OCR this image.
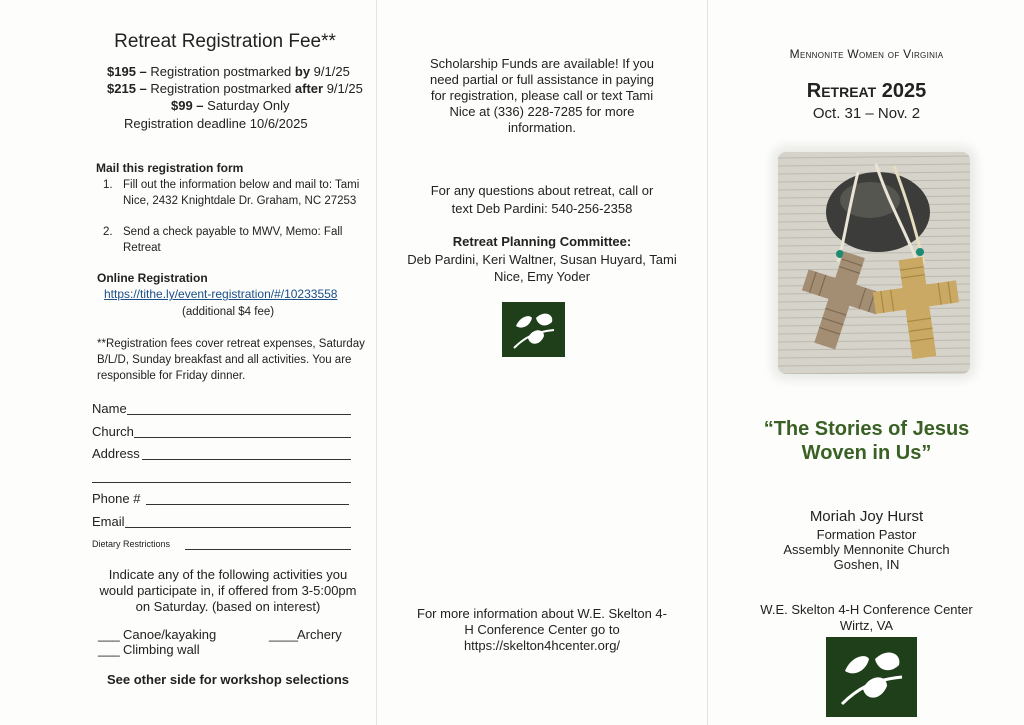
Retreat Registration Fee**
$195 – Registration postmarked by 9/1/25
$215 – Registration postmarked after 9/1/25
$99 – Saturday Only
Registration deadline 10/6/2025
Mail this registration form
1. Fill out the information below and mail to: Tami Nice, 2432 Knightdale Dr. Graham, NC 27253
2. Send a check payable to MWV, Memo: Fall Retreat
Online Registration
https://tithe.ly/event-registration/#/10233558
(additional $4 fee)
**Registration fees cover retreat expenses, Saturday B/L/D, Sunday breakfast and all activities. You are responsible for Friday dinner.
Name
Church
Address
Phone #
Email
Dietary Restrictions
Indicate any of the following activities you would participate in, if offered from 3-5:00pm on Saturday. (based on interest)
___ Canoe/kayaking	____ Archery
___ Climbing wall
See other side for workshop selections
Scholarship Funds are available! If you need partial or full assistance in paying for registration, please call or text Tami Nice at (336) 228-7285 for more information.
For any questions about retreat, call or text Deb Pardini: 540-256-2358
Retreat Planning Committee:
Deb Pardini, Keri Waltner, Susan Huyard, Tami Nice, Emy Yoder
For more information about W.E. Skelton 4-H Conference Center go to https://skelton4hcenter.org/
Mennonite Women of Virginia
Retreat 2025
Oct. 31 – Nov. 2
“The Stories of Jesus
Woven in Us”
Moriah Joy Hurst
Formation Pastor
Assembly Mennonite Church
Goshen, IN
W.E. Skelton 4-H Conference Center
Wirtz, VA
